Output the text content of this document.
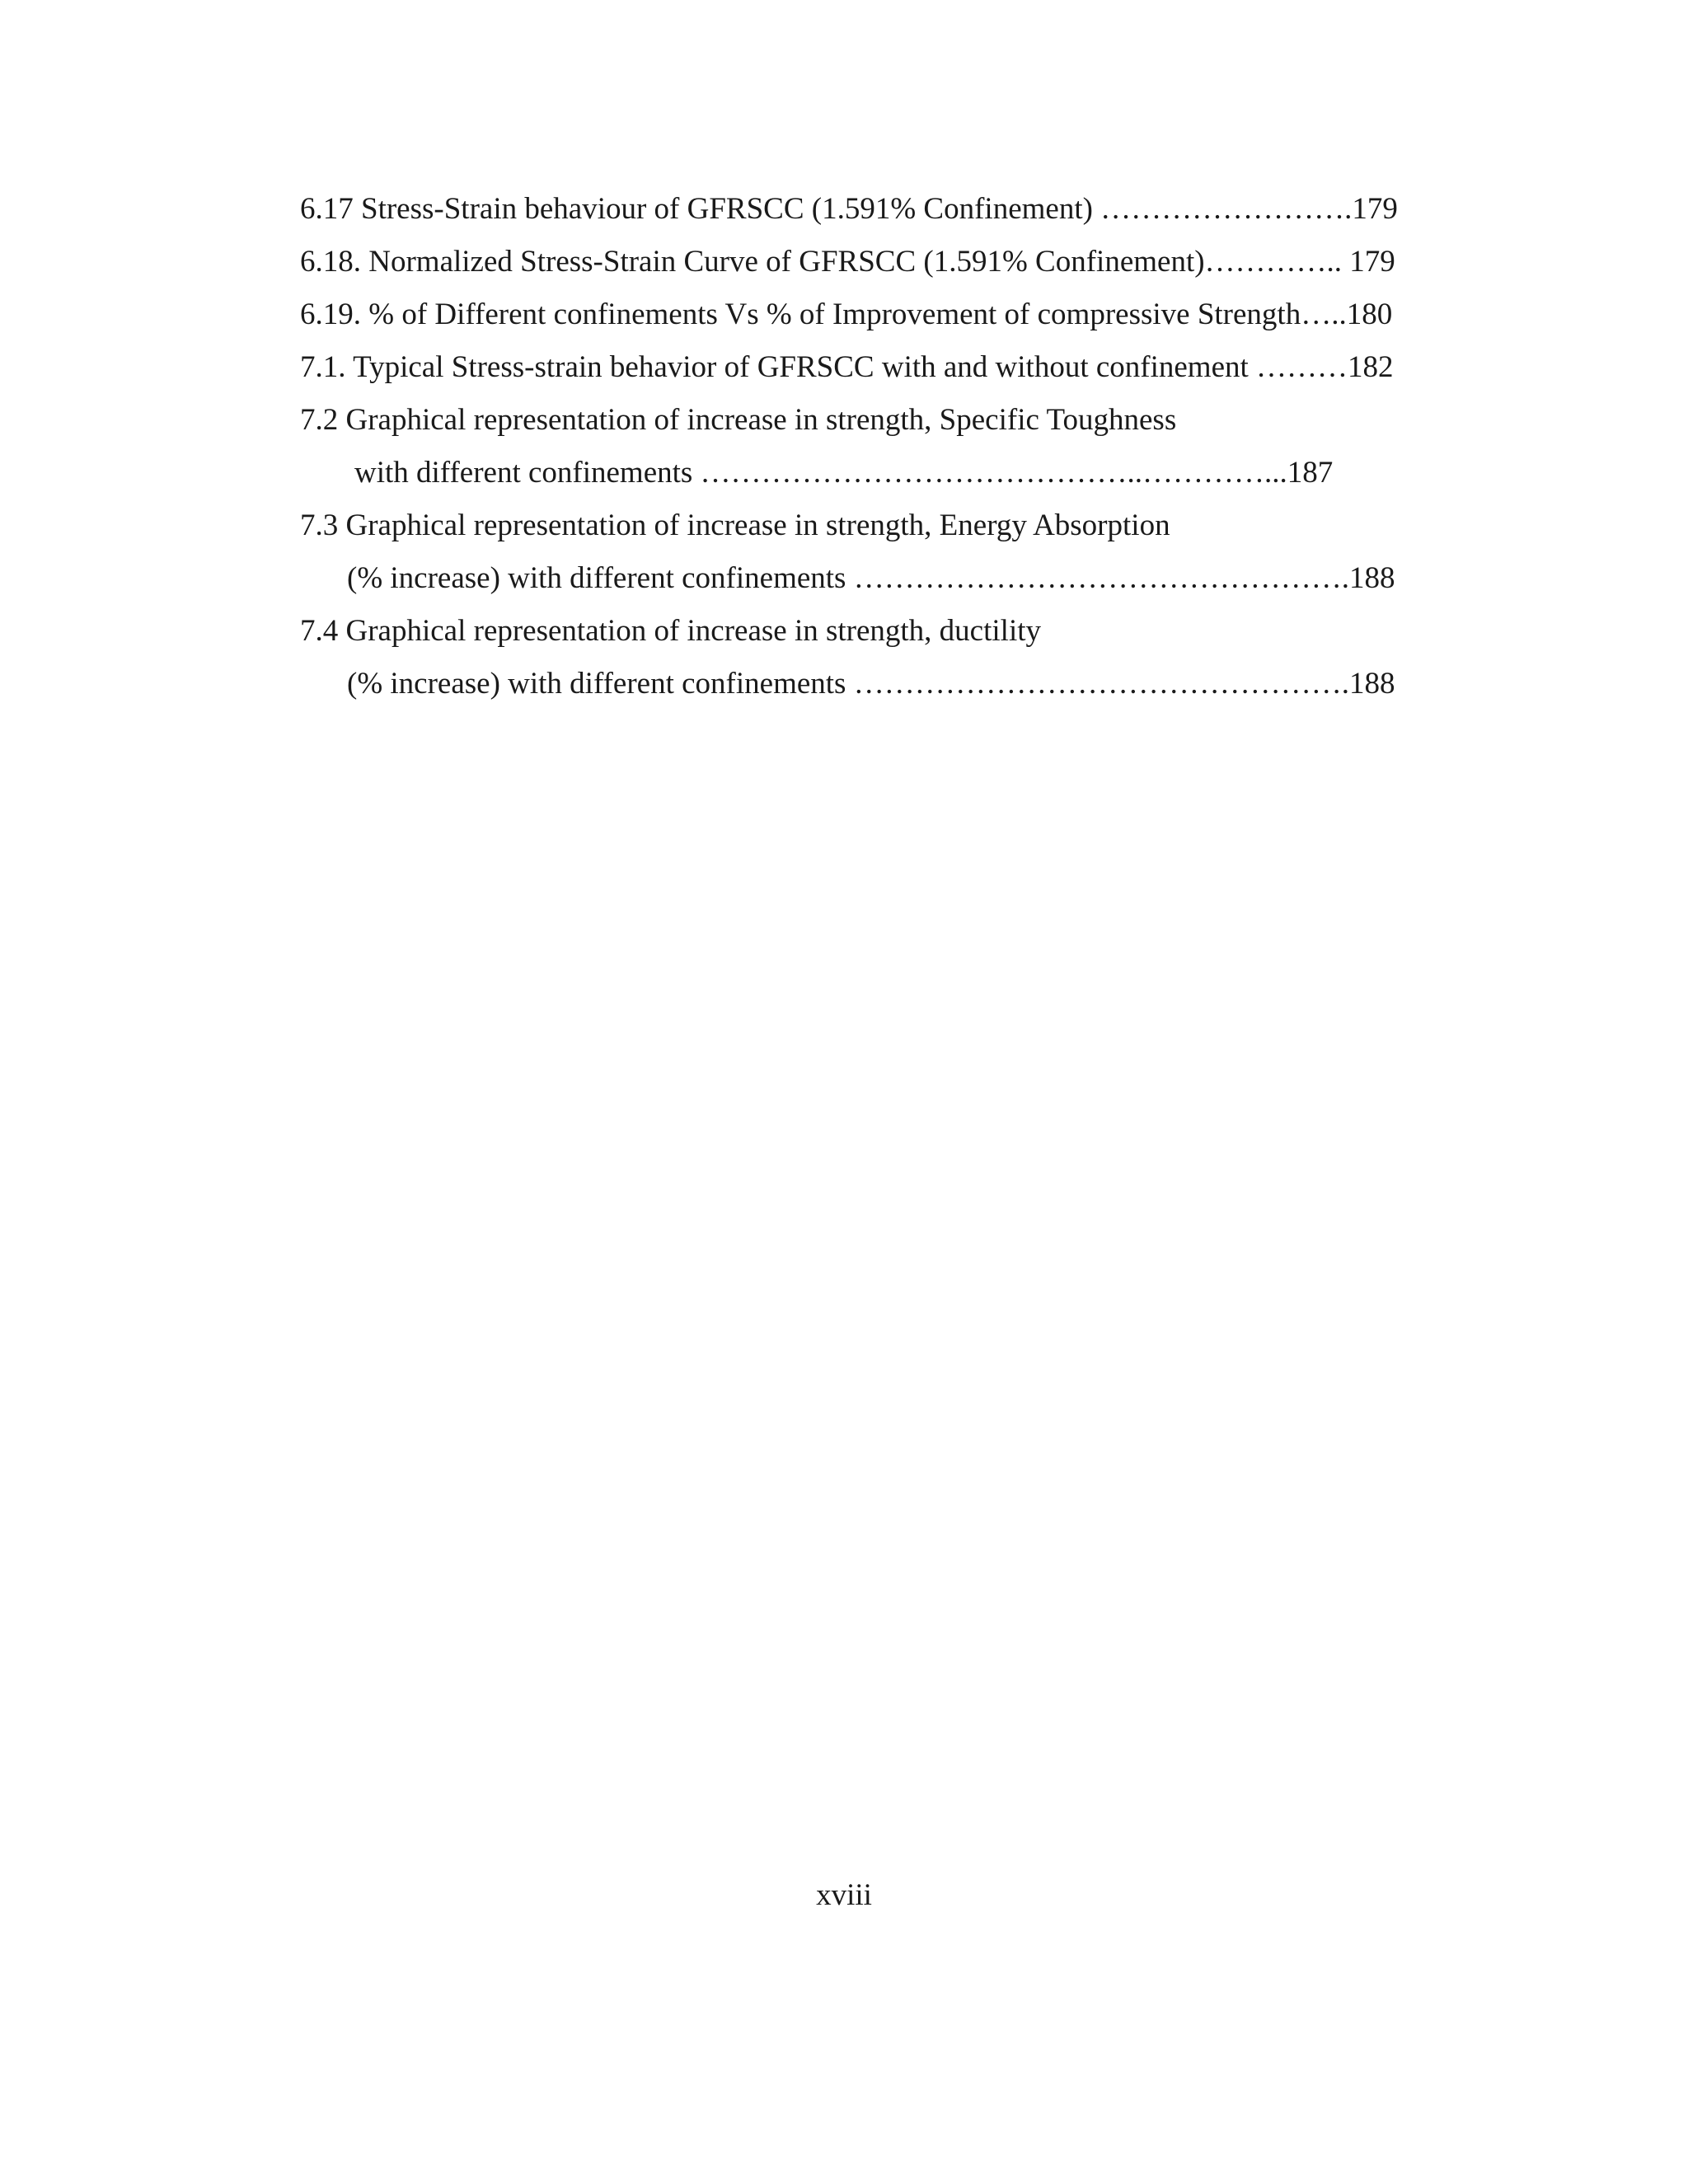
6.17 Stress-Strain behaviour of GFRSCC (1.591% Confinement) …………………….179
6.18. Normalized Stress-Strain Curve of GFRSCC (1.591% Confinement)………….. 179
6.19. % of Different confinements Vs % of Improvement of compressive Strength…..180
7.1. Typical Stress-strain behavior of GFRSCC with and without confinement ………182
7.2 Graphical representation of increase in strength, Specific Toughness
with different confinements ……………………………………..…………...187
7.3 Graphical representation of increase in strength, Energy Absorption
(% increase) with different confinements ………………………………………….188
7.4 Graphical representation of increase in strength, ductility
(% increase) with different confinements ………………………………………….188
xviii
